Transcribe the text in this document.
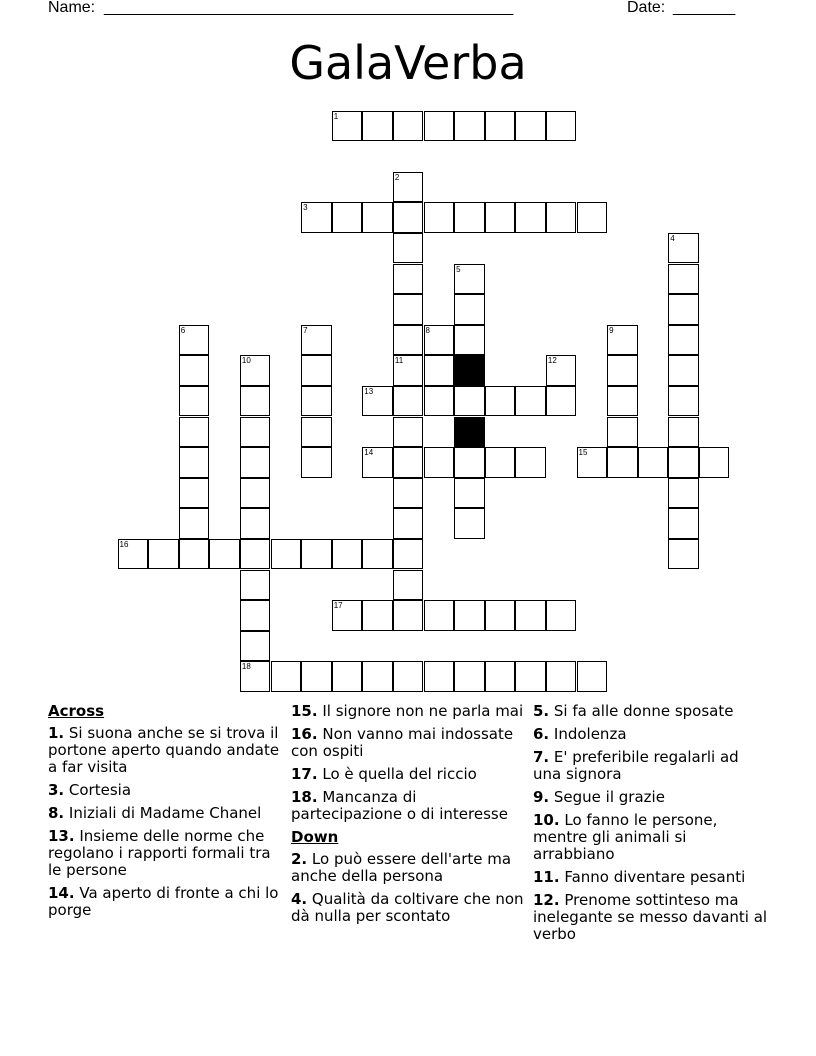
Name: ______________________________________________	Date: _______
GalaVerba
1
2
11
3
4
5
6	7	8	9
10
18
12
13
14	15
16
17
Across
1. Si suona anche se si trova il portone aperto quando andate a far visita
3. Cortesia
8. Iniziali di Madame Chanel
13. Insieme delle norme che regolano i rapporti formali tra le persone
14. Va aperto di fronte a chi lo porge
15. Il signore non ne parla mai
16. Non vanno mai indossate con ospiti
17. Lo è quella del riccio
18. Mancanza di partecipazione o di interesse
Down
2. Lo può essere dell'arte ma anche della persona
4. Qualità da coltivare che non dà nulla per scontato
5. Si fa alle donne sposate
6. Indolenza
7. E' preferibile regalarli ad una signora
9. Segue il grazie
10. Lo fanno le persone, mentre gli animali si arrabbiano
11. Fanno diventare pesanti
12. Prenome sottinteso ma inelegante se messo davanti al verbo
